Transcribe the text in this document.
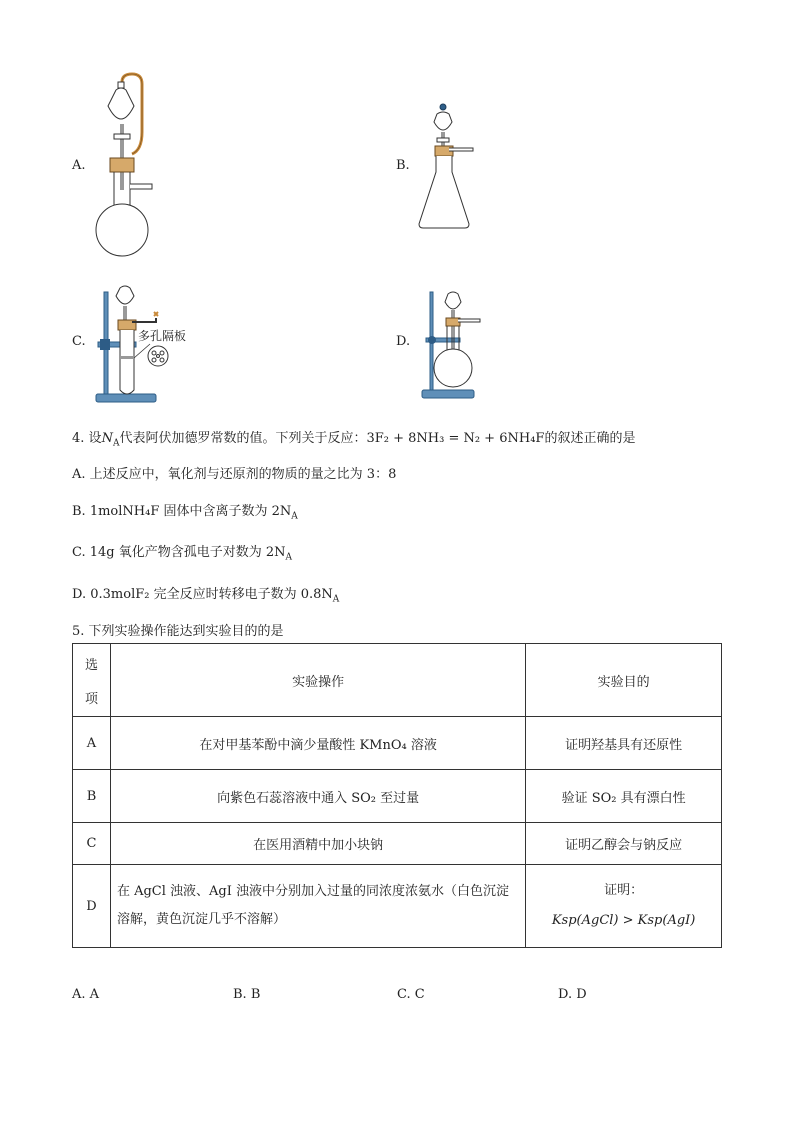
A.	B.
C.	多孔隔板	D.
4. 设$N_A$代表阿伏加德罗常数的值。下列关于反应：3F₂ + 8NH₃ = N₂ + 6NH₄F的叙述正确的是
A. 上述反应中，氧化剂与还原剂的物质的量之比为 3：8
B. 1molNH₄F 固体中含离子数为 $2N_A$
C. 14g 氧化产物含孤电子对数为 $2N_A$
D. 0.3molF₂ 完全反应时转移电子数为 $0.8N_A$
5. 下列实验操作能达到实验目的的是
选

项	实验操作	实验目的
A	在对甲基苯酚中滴少量酸性 KMnO₄ 溶液	证明羟基具有还原性
B	向紫色石蕊溶液中通入 SO₂ 至过量	验证 SO₂ 具有漂白性
C	在医用酒精中加小块钠	证明乙醇会与钠反应
D	在 AgCl 浊液、AgI 浊液中分别加入过量的同浓度浓氨水（白色沉淀溶解，黄色沉淀几乎不溶解）	证明：
Ksp(AgCl) > Ksp(AgI)
A. A	B. B	C. C	D. D
